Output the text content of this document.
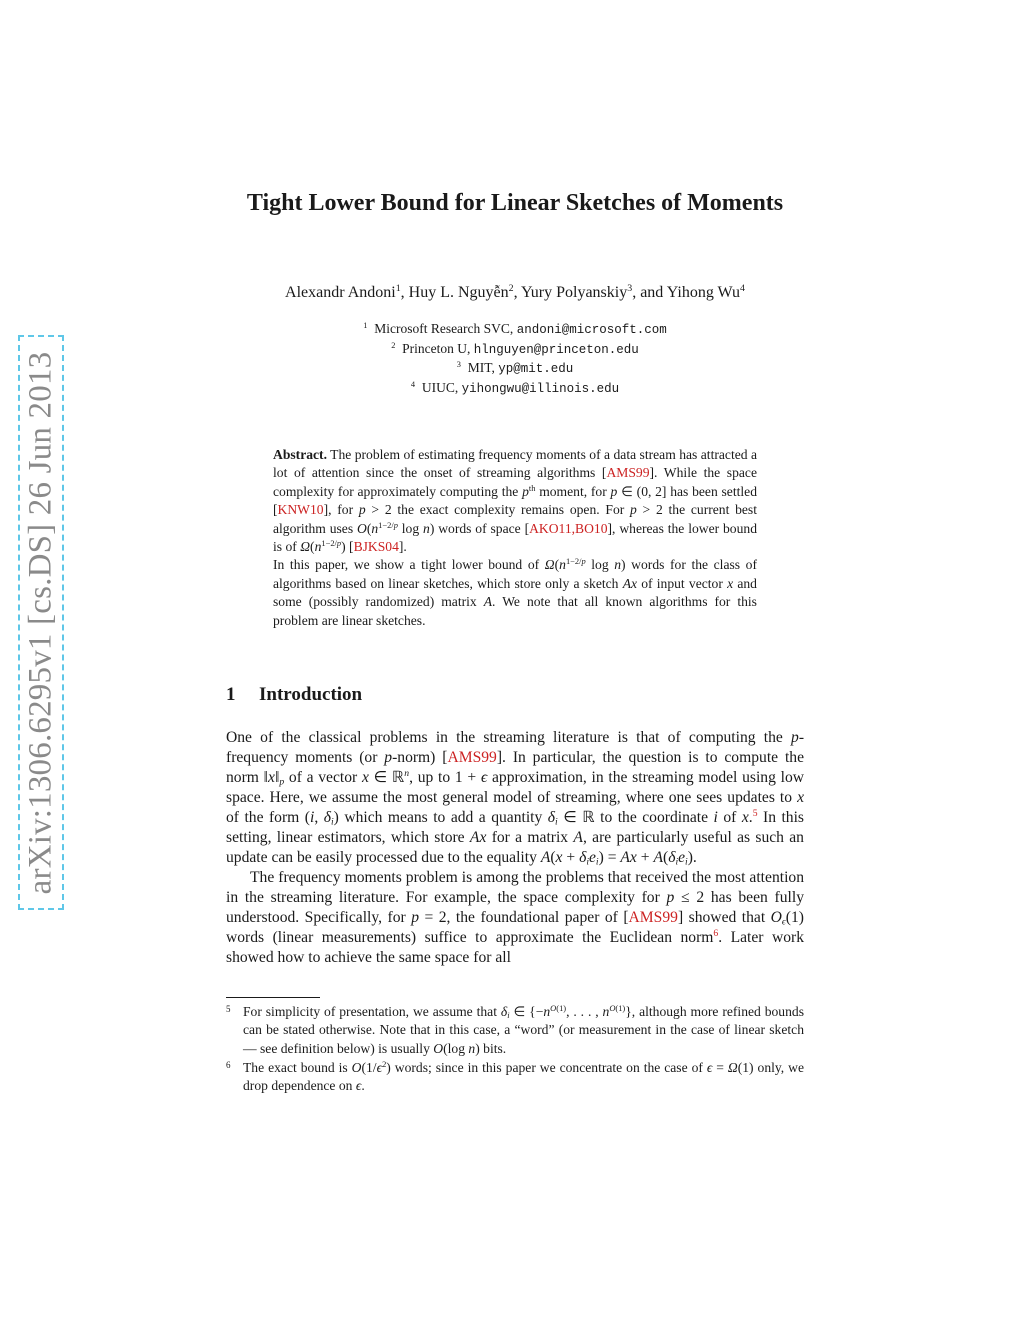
arXiv:1306.6295v1 [cs.DS] 26 Jun 2013
Tight Lower Bound for Linear Sketches of Moments
Alexandr Andoni$^1$, Huy L. Nguyễn$^2$, Yury Polyanskiy$^3$, and Yihong Wu$^4$
$^1$ Microsoft Research SVC, andoni@microsoft.com
$^2$ Princeton U, hlnguyen@princeton.edu
$^3$ MIT, yp@mit.edu
$^4$ UIUC, yihongwu@illinois.edu

Abstract. The problem of estimating frequency moments of a data stream has attracted a lot of attention since the onset of streaming algorithms [AMS99]. While the space complexity for approximately computing the $p^{th}$ moment, for p ∈ (0, 2] has been settled [KNW10], for p > 2 the exact complexity remains open. For p > 2 the current best algorithm uses $O(n^{1-2/p}$ log n) words of space [AKO11,BO10], whereas the lower bound is of $\Omega(n^{1-2/p})$ [BJKS04].

In this paper, we show a tight lower bound of $\Omega(n^{1-2/p}$ log n) words for the class of algorithms based on linear sketches, which store only a sketch Ax of input vector x and some (possibly randomized) matrix A. We note that all known algorithms for this problem are linear sketches.

1 Introduction

One of the classical problems in the streaming literature is that of computing the p-frequency moments (or p-norm) [AMS99]. In particular, the question is to compute the norm $‖x‖_p$ of a vector x ∈ ℝ$^n$, up to 1 + ϵ approximation, in the streaming model using low space. Here, we assume the most general model of streaming, where one sees updates to x of the form (i, $\delta_i$) which means to add a quantity $\delta_i$ ∈ ℝ to the coordinate i of x.$^5$ In this setting, linear estimators, which store Ax for a matrix A, are particularly useful as such an update can be easily processed due to the equality $A(x + \delta_ie_i) = Ax + A(\delta_ie_i)$.

The frequency moments problem is among the problems that received the most attention in the streaming literature. For example, the space complexity for p ≤ 2 has been fully understood. Specifically, for p = 2, the foundational paper of [AMS99] showed that $O_\epsilon(1)$ words (linear measurements) suffice to approximate the Euclidean norm$^6$. Later work showed how to achieve the same space for all

5 For simplicity of presentation, we assume that $\delta_i$ ∈ {$-n^{O(1)}$, . . . , $n^{O(1)}$}, although more refined bounds can be stated otherwise. Note that in this case, a “word” (or measurement in the case of linear sketch — see definition below) is usually O(log n) bits.
6 The exact bound is $O(1/\epsilon^2)$ words; since in this paper we concentrate on the case of ϵ = Ω(1) only, we drop dependence on ϵ.
